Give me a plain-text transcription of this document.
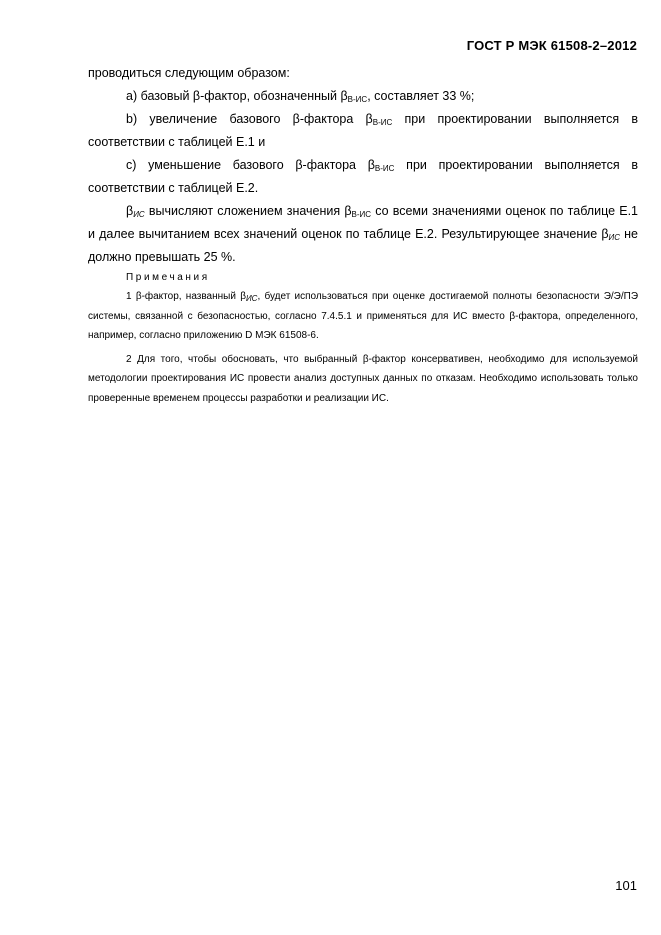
ГОСТ Р МЭК 61508-2–2012

проводиться следующим образом:

а) базовый β-фактор, обозначенный $\beta_{B-ИС}$, составляет 33 %;

b) увеличение базового β-фактора $\beta_{B-ИС}$ при проектировании выполняется в соответствии с таблицей Е.1 и

с) уменьшение базового β-фактора $\beta_{B-ИС}$ при проектировании выполняется в соответствии с таблицей Е.2.

$\beta_{ИС}$ вычисляют сложением значения $\beta_{B-ИС}$ со всеми значениями оценок по таблице Е.1 и далее вычитанием всех значений оценок по таблице Е.2. Результирующее значение $\beta_{ИС}$ не должно превышать 25 %.

Примечания

1 β-фактор, названный $\beta_{ИС}$, будет использоваться при оценке достигаемой полноты безопасности Э/Э/ПЭ системы, связанной с безопасностью, согласно 7.4.5.1 и применяться для ИС вместо β-фактора, определенного, например, согласно приложению D МЭК 61508-6.

2 Для того, чтобы обосновать, что выбранный β-фактор консервативен, необходимо для используемой методологии проектирования ИС провести анализ доступных данных по отказам. Необходимо использовать только проверенные временем процессы разработки и реализации ИС.

101
